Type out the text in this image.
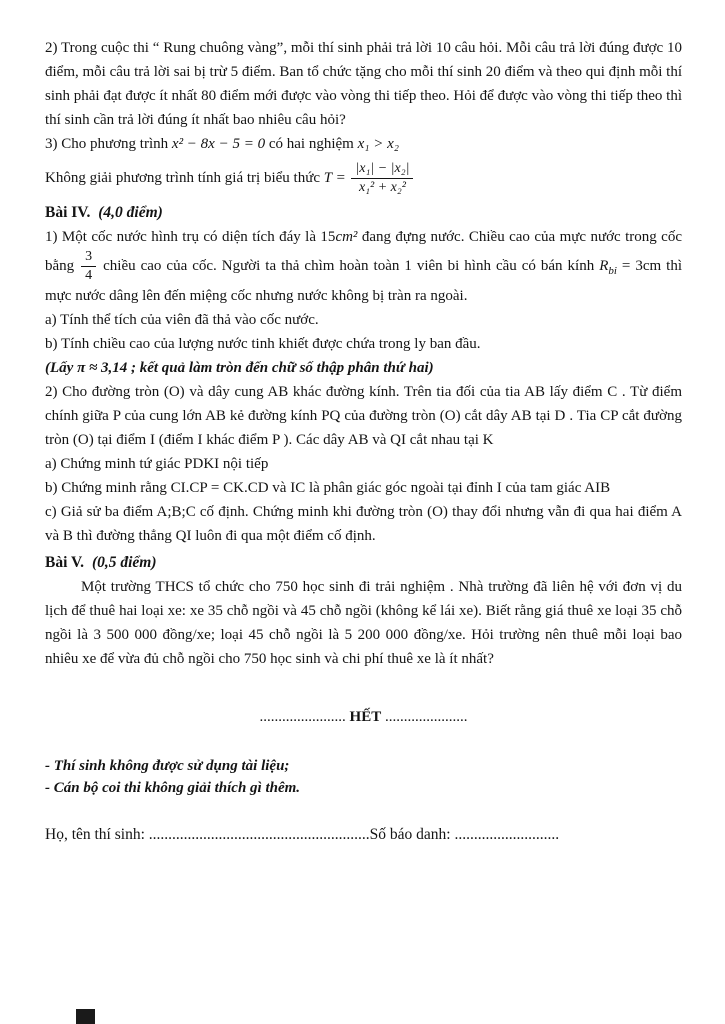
2) Trong cuộc thi “ Rung chuông vàng”, mỗi thí sinh phải trả lời 10 câu hỏi. Mỗi câu trả lời đúng được 10 điểm, mỗi câu trả lời sai bị trừ 5 điểm. Ban tổ chức tặng cho mỗi thí sinh 20 điểm và theo qui định mỗi thí sinh phải đạt được ít nhất 80 điểm mới được vào vòng thi tiếp theo. Hỏi để được vào vòng thi tiếp theo thì thí sinh cần trả lời đúng ít nhất bao nhiêu câu hỏi?

3) Cho phương trình x² − 8x − 5 = 0 có hai nghiệm x₁ > x₂

Không giải phương trình tính giá trị biểu thức $T = \frac{\text{|x₁| − |x₂|}}{\text{x₁² + x₂²}}$

Bài IV. (4,0 điểm)

1) Một cốc nước hình trụ có diện tích đáy là 15cm² đang đựng nước. Chiều cao của mực nước trong cốc bằng $\frac{3}{4}$ chiều cao của cốc. Người ta thả chìm hoàn toàn 1 viên bi hình cầu có bán kính $R_{bi} = 3cm$ thì mực nước dâng lên đến miệng cốc nhưng nước không bị tràn ra ngoài.

a) Tính thể tích của viên đã thả vào cốc nước.

b) Tính chiều cao của lượng nước tinh khiết được chứa trong ly ban đầu.

(Lấy π ≈ 3,14 ; kết quả làm tròn đến chữ số thập phân thứ hai)

2) Cho đường tròn (O) và dây cung AB khác đường kính. Trên tia đối của tia AB lấy điểm C . Từ điểm chính giữa P của cung lớn AB kẻ đường kính PQ của đường tròn (O) cắt dây AB tại D . Tia CP cắt đường tròn (O) tại điểm I (điểm I khác điểm P ). Các dây AB và QI cắt nhau tại K

a) Chứng minh tứ giác PDKI nội tiếp

b) Chứng minh rằng CI.CP = CK.CD và IC là phân giác góc ngoài tại đỉnh I của tam giác AIB

c) Giả sử ba điểm A;B;C cố định. Chứng minh khi đường tròn (O) thay đổi nhưng vẫn đi qua hai điểm A và B thì đường thẳng QI luôn đi qua một điểm cố định.

Bài V. (0,5 điểm)

Một trường THCS tổ chức cho 750 học sinh đi trải nghiệm . Nhà trường đã liên hệ với đơn vị du lịch để thuê hai loại xe: xe 35 chỗ ngồi và 45 chỗ ngồi (không kể lái xe). Biết rằng giá thuê xe loại 35 chỗ ngồi là 3 500 000 đồng/xe; loại 45 chỗ ngồi là 5 200 000 đồng/xe. Hỏi trường nên thuê mỗi loại bao nhiêu xe để vừa đủ chỗ ngồi cho 750 học sinh và chi phí thuê xe là ít nhất?

....................... HẾT ......................

- Thí sinh không được sử dụng tài liệu;

- Cán bộ coi thi không giải thích gì thêm.

Họ, tên thí sinh: .........................................................Số báo danh: ...........................
